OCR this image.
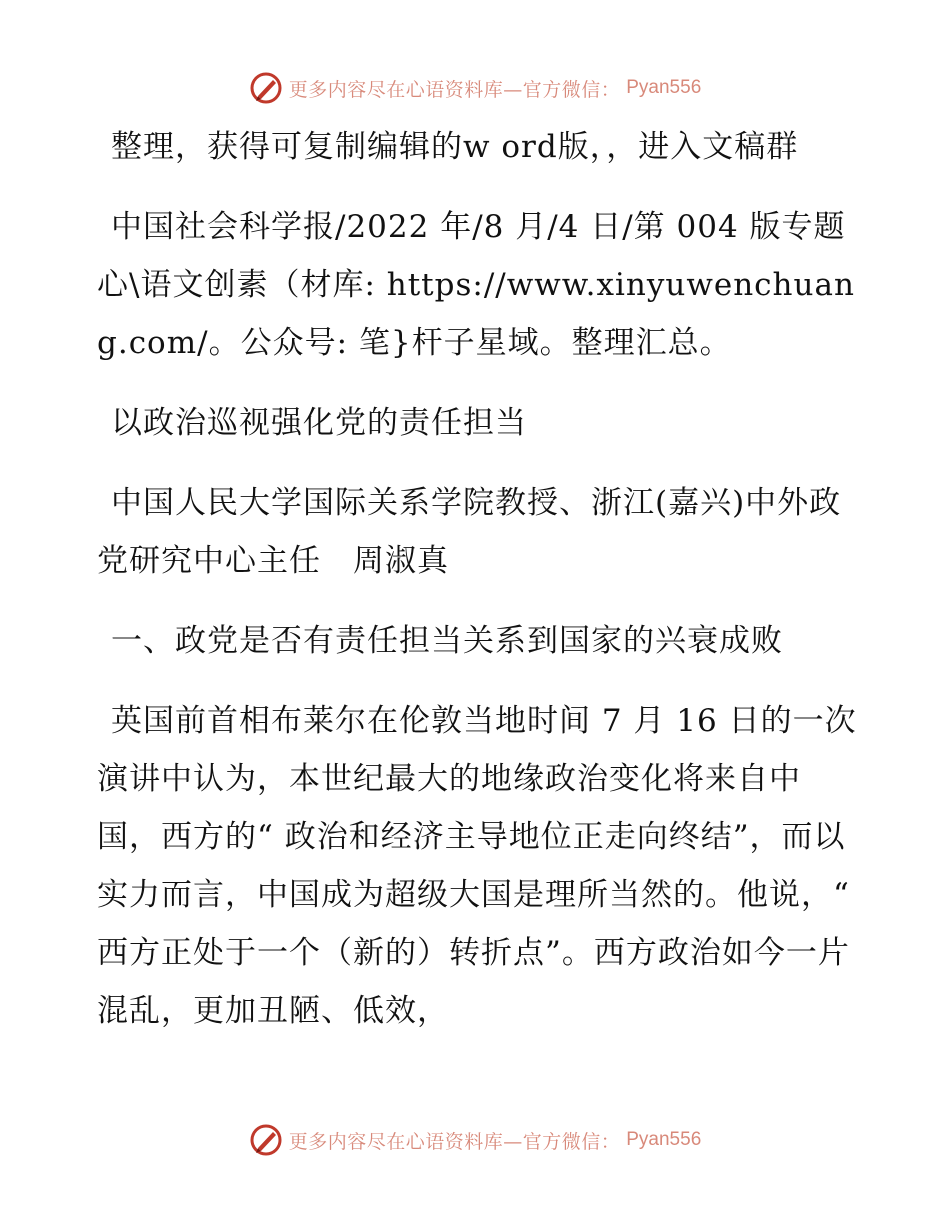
更多内容尽在心语资料库—官方微信： Pyan556

整理，获得可复制编辑的w ord版，，进入文稿群

中国社会科学报/2022 年/8 月/4 日/第 004 版专题心\语文创素（材库: https://www.xinyuwenchuang.com/。公众号: 笔}杆子星域。整理汇总。

以政治巡视强化党的责任担当

中国人民大学国际关系学院教授、浙江(嘉兴)中外政党研究中心主任　周淑真

一、政党是否有责任担当关系到国家的兴衰成败

英国前首相布莱尔在伦敦当地时间 7 月 16 日的一次演讲中认为，本世纪最大的地缘政治变化将来自中国，西方的“ 政治和经济主导地位正走向终结”，而以实力而言，中国成为超级大国是理所当然的。他说，“ 西方正处于一个（新的）转折点”。西方政治如今一片混乱，更加丑陋、低效，

更多内容尽在心语资料库—官方微信： Pyan556
